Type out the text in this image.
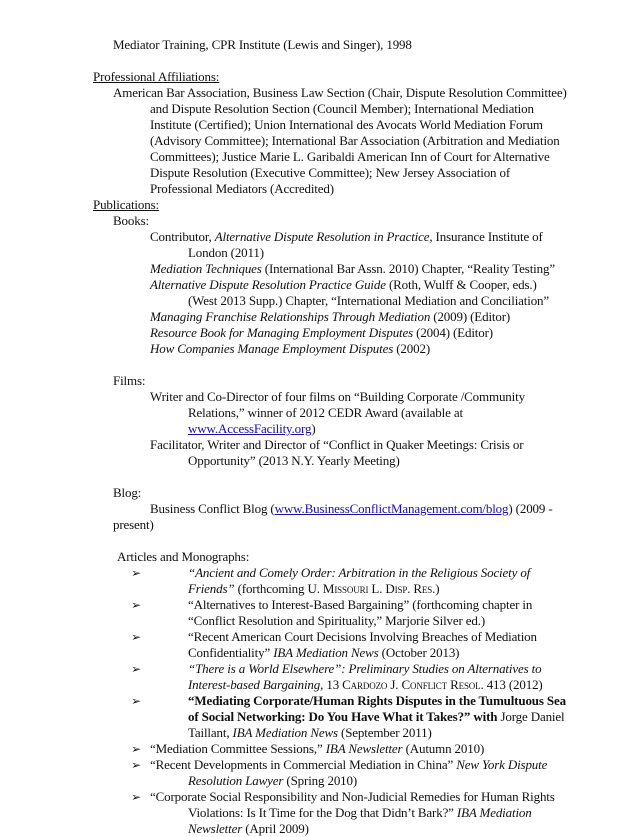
Mediator Training, CPR Institute (Lewis and Singer), 1998
Professional Affiliations:
American Bar Association, Business Law Section (Chair, Dispute Resolution Committee)
and Dispute Resolution Section (Council Member); International Mediation
Institute (Certified); Union International des Avocats World Mediation Forum
(Advisory Committee); International Bar Association (Arbitration and Mediation
Committees); Justice Marie L. Garibaldi American Inn of Court for Alternative
Dispute Resolution (Executive Committee); New Jersey Association of
Professional Mediators (Accredited)
Publications:
Books:
Contributor, Alternative Dispute Resolution in Practice, Insurance Institute of
London (2011)
Mediation Techniques (International Bar Assn. 2010) Chapter, “Reality Testing”
Alternative Dispute Resolution Practice Guide (Roth, Wulff & Cooper, eds.)
(West 2013 Supp.) Chapter, “International Mediation and Conciliation”
Managing Franchise Relationships Through Mediation (2009) (Editor)
Resource Book for Managing Employment Disputes (2004) (Editor)
How Companies Manage Employment Disputes (2002)
Films:
Writer and Co-Director of four films on “Building Corporate /Community
Relations,” winner of 2012 CEDR Award (available at
www.AccessFacility.org)
Facilitator, Writer and Director of “Conflict in Quaker Meetings: Crisis or
Opportunity” (2013 N.Y. Yearly Meeting)
Blog:
Business Conflict Blog (www.BusinessConflictManagement.com/blog) (2009 -
present)
Articles and Monographs:
➢	“Ancient and Comely Order: Arbitration in the Religious Society of
Friends” (forthcoming U. Missouri L. Disp. Res.)
➢	“Alternatives to Interest-Based Bargaining” (forthcoming chapter in
“Conflict Resolution and Spirituality,” Marjorie Silver ed.)
➢	“Recent American Court Decisions Involving Breaches of Mediation
Confidentiality” IBA Mediation News (October 2013)
➢	“There is a World Elsewhere”: Preliminary Studies on Alternatives to
Interest-based Bargaining, 13 Cardozo J. Conflict Resol. 413 (2012)
➢	“Mediating Corporate/Human Rights Disputes in the Tumultuous Sea
of Social Networking: Do You Have What it Takes?” with Jorge Daniel
Taillant, IBA Mediation News (September 2011)
➢ “Mediation Committee Sessions,” IBA Newsletter (Autumn 2010)
➢ “Recent Developments in Commercial Mediation in China” New York Dispute
Resolution Lawyer (Spring 2010)
➢ “Corporate Social Responsibility and Non-Judicial Remedies for Human Rights
Violations: Is It Time for the Dog that Didn’t Bark?” IBA Mediation
Newsletter (April 2009)
